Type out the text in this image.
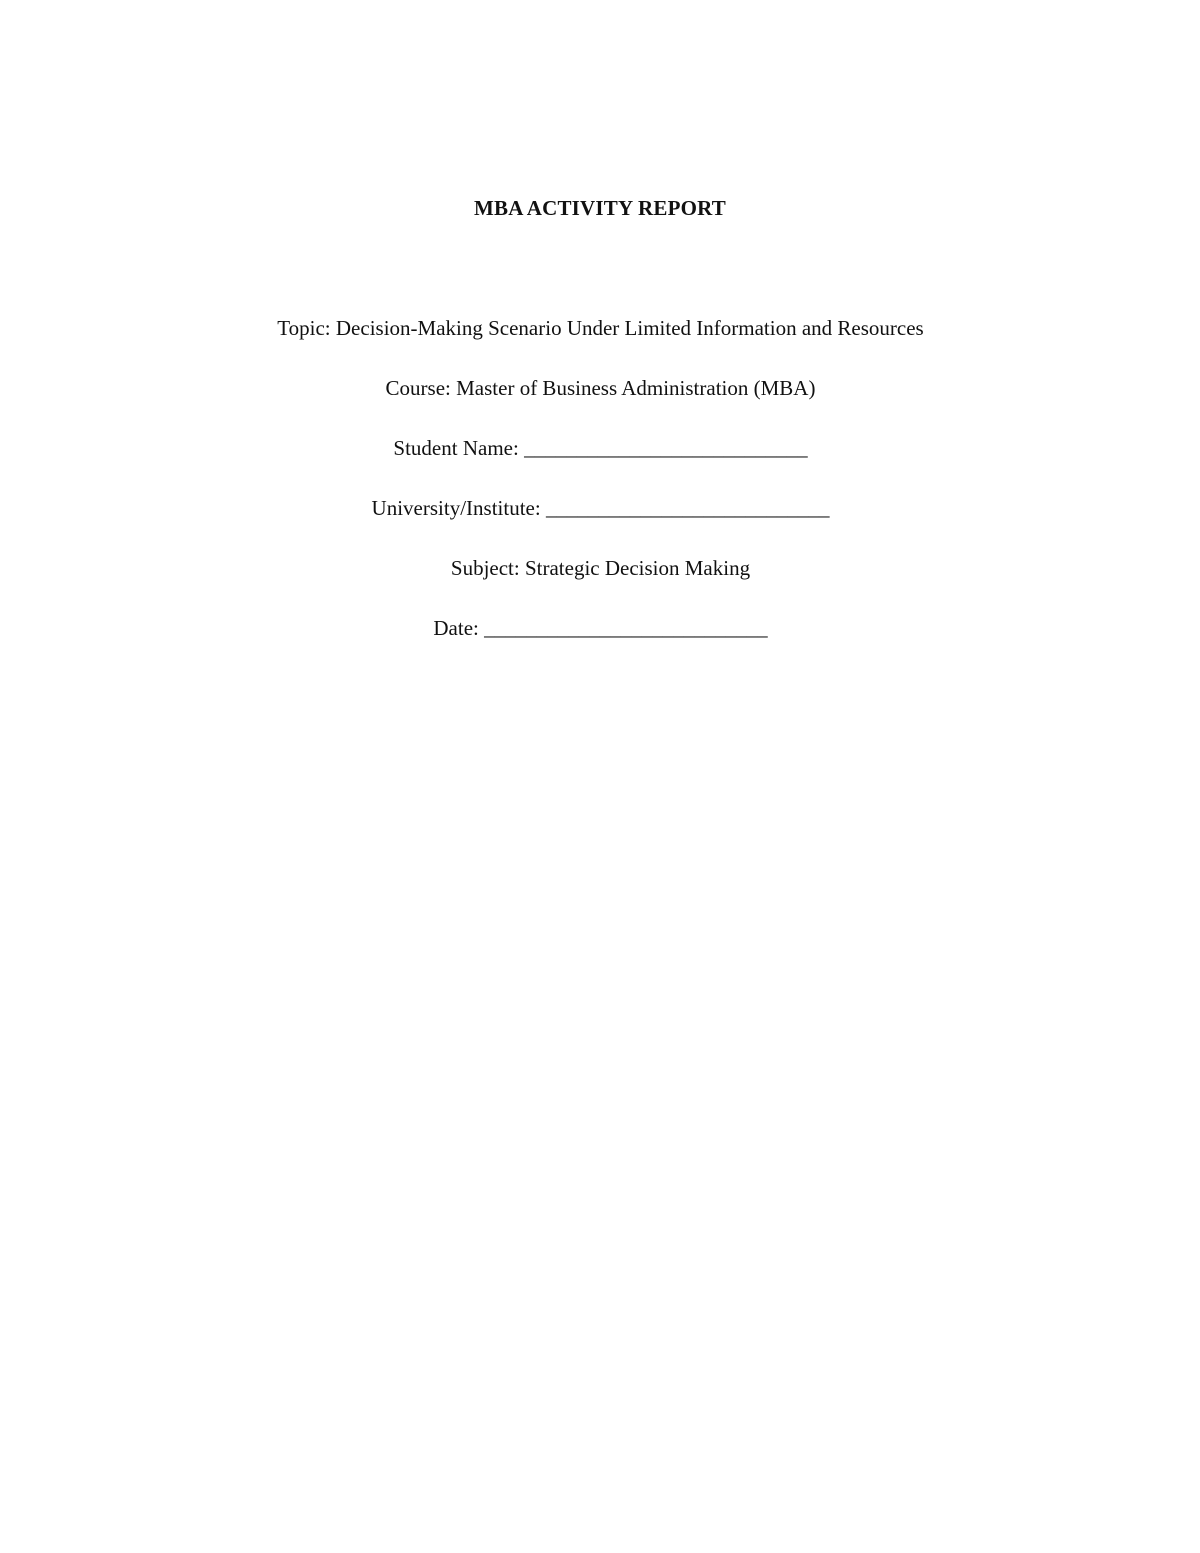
MBA ACTIVITY REPORT

Topic: Decision-Making Scenario Under Limited Information and Resources

Course: Master of Business Administration (MBA)

Student Name: ___________________________

University/Institute: ___________________________

Subject: Strategic Decision Making

Date: ___________________________
